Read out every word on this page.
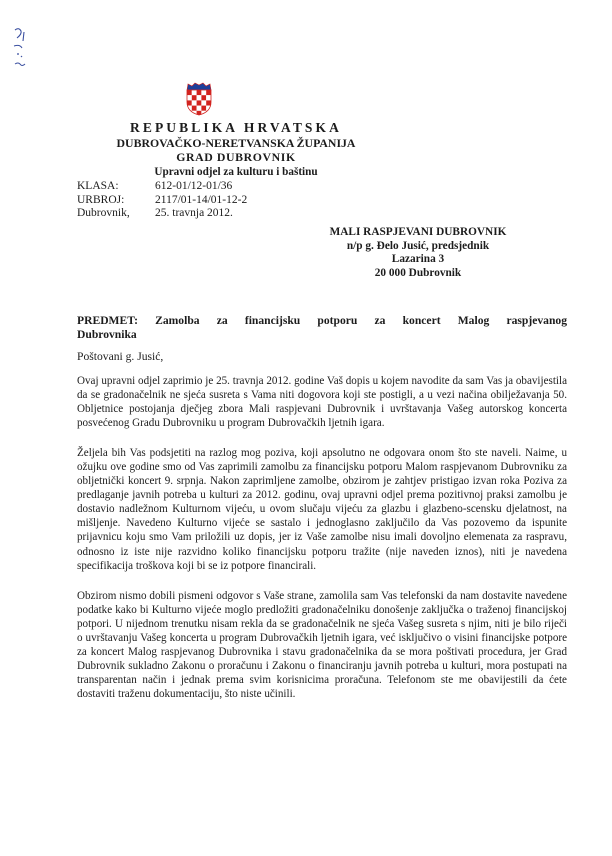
REPUBLIKA HRVATSKA
DUBROVAČKO-NERETVANSKA ŽUPANIJA
GRAD DUBROVNIK
Upravni odjel za kulturu i baštinu
KLASA:	612-01/12-01/36
URBROJ:	2117/01-14/01-12-2
Dubrovnik, 25. travnja 2012.
MALI RASPJEVANI DUBROVNIK
n/p g. Đelo Jusić, predsjednik
Lazarina 3
20 000 Dubrovnik
PREDMET: Zamolba za financijsku potporu za koncert Malog raspjevanog
Dubrovnika
Poštovani g. Jusić,

Ovaj upravni odjel zaprimio je 25. travnja 2012. godine Vaš dopis u kojem navodite da sam Vas ja obavijestila da se gradonačelnik ne sjeća susreta s Vama niti dogovora koji ste postigli, a u vezi načina obilježavanja 50. Obljetnice postojanja dječjeg zbora Mali raspjevani Dubrovnik i uvrštavanja Vašeg autorskog koncerta posvećenog Gradu Dubrovniku u program Dubrovačkih ljetnih igara.

Željela bih Vas podsjetiti na razlog mog poziva, koji apsolutno ne odgovara onom što ste naveli. Naime, u ožujku ove godine smo od Vas zaprimili zamolbu za financijsku potporu Malom raspjevanom Dubrovniku za obljetnički koncert 9. srpnja. Nakon zaprimljene zamolbe, obzirom je zahtjev pristigao izvan roka Poziva za predlaganje javnih potreba u kulturi za 2012. godinu, ovaj upravni odjel prema pozitivnoj praksi zamolbu je dostavio nadležnom Kulturnom vijeću, u ovom slučaju vijeću za glazbu i glazbeno-scensku djelatnost, na mišljenje. Navedeno Kulturno vijeće se sastalo i jednoglasno zaključilo da Vas pozovemo da ispunite prijavnicu koju smo Vam priložili uz dopis, jer iz Vaše zamolbe nisu imali dovoljno elemenata za raspravu, odnosno iz iste nije razvidno koliko financijsku potporu tražite (nije naveden iznos), niti je navedena specifikacija troškova koji bi se iz potpore financirali.

Obzirom nismo dobili pismeni odgovor s Vaše strane, zamolila sam Vas telefonski da nam dostavite navedene podatke kako bi Kulturno vijeće moglo predložiti gradonačelniku donošenje zaključka o traženoj financijskoj potpori. U nijednom trenutku nisam rekla da se gradonačelnik ne sjeća Vašeg susreta s njim, niti je bilo riječi o uvrštavanju Vašeg koncerta u program Dubrovačkih ljetnih igara, već isključivo o visini financijske potpore za koncert Malog raspjevanog Dubrovnika i stavu gradonačelnika da se mora poštivati procedura, jer Grad Dubrovnik sukladno Zakonu o proračunu i Zakonu o financiranju javnih potreba u kulturi, mora postupati na transparentan način i jednak prema svim korisnicima proračuna. Telefonom ste me obavijestili da ćete dostaviti traženu dokumentaciju, što niste učinili.
